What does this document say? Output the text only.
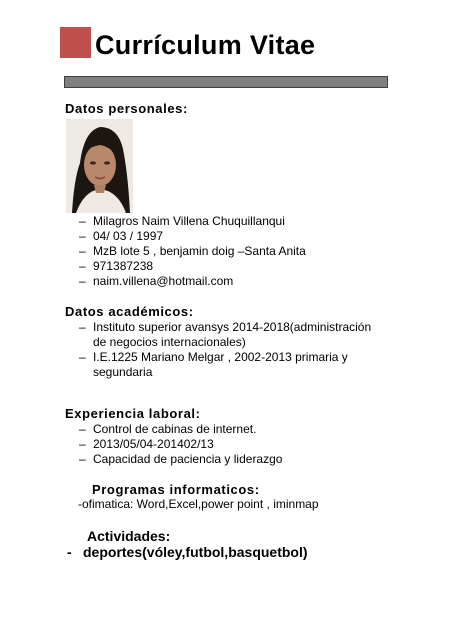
Currículum Vitae
Datos personales:
– Milagros Naim Villena Chuquillanqui
– 04/ 03 / 1997
– MzB lote 5 , benjamin doig –Santa Anita
– 971387238
– naim.villena@hotmail.com
Datos académicos:
– Instituto superior avansys 2014-2018(administración de negocios internacionales)
– I.E.1225 Mariano Melgar , 2002-2013 primaria y segundaria
Experiencia laboral:
– Control de cabinas de internet.
– 2013/05/04-201402/13
– Capacidad de paciencia y liderazgo
Programas informaticos:
-ofimatica: Word,Excel,power point , iminmap
Actividades:
- deportes(vóley,futbol,basquetbol)
